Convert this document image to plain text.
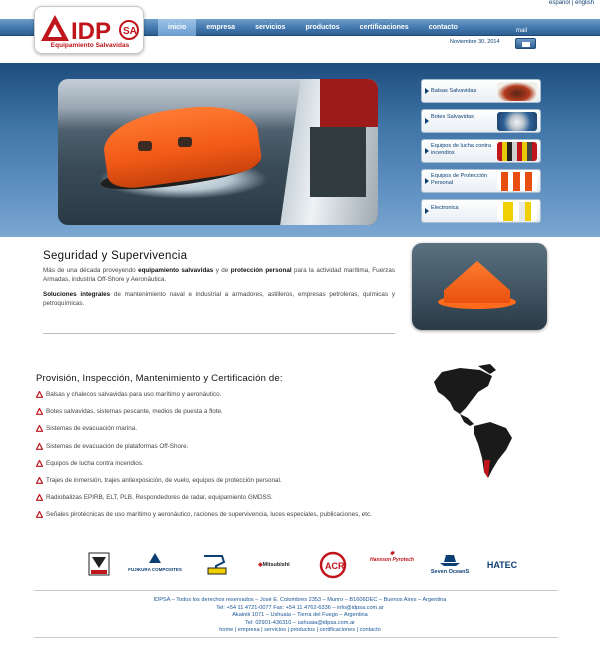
español | english
inicio	empresa	servicios	productos	certificaciones	contacto
IDP SA
Equipamiento Salvavidas
mail
Noviembre 30, 2014
Balsas Salvavidas
Botes Salvavidas
Equipos de lucha contra incendios
Equipos de Protección Personal
Electronica
Seguridad y Supervivencia

Más de una década proveyendo equipamiento salvavidas y de protección personal para la actividad marítima, Fuerzas Armadas, industria Off-Shore y Aeronáutica.

Soluciones integrales de mantenimiento naval e industrial a armadores, astilleros, empresas petroleras, químicas y petroquímicas.

Provisión, Inspección, Mantenimiento y Certificación de:
Balsas y chalecos salvavidas para uso marítimo y aeronáutico.
Botes salvavidas, sistemas pescante, medios de puesta a flote.
Sistemas de evacuación marina.
Sistemas de evacuación de plataformas Off-Shore.
Equipos de lucha contra incendios.
Trajes de inmersión, trajes antiexposición, de vuelo, equipos de protección personal.
Radiobalizas EPIRB, ELT, PLB. Respondedores de radar, equipamiento GMDSS.
Señales pirotécnicas de uso marítimo y aeronáutico, raciones de supervivencia, luces especiales, publicaciones, etc.
FUJIKURA COMPOSITES
◆Mitsubishi	ACR
✱
Hansson Pyrotech
Seven OceanS
HATEC
IDPSA – Todos los derechos reservados – José E. Colombres 2353 – Munro – B1606DEC – Buenos Aires – Argentina
Tel: +54 11 4721-0077 Fax: +54 11 4762-6336 – info@idpsa.com.ar
Akainik 1071 – Ushuaia – Tierra del Fuego – Argentina
Tel: 02901-436310 – ushuaia@idpsa.com.ar
home | empresa | servicios | productos | certificaciones | contacto
